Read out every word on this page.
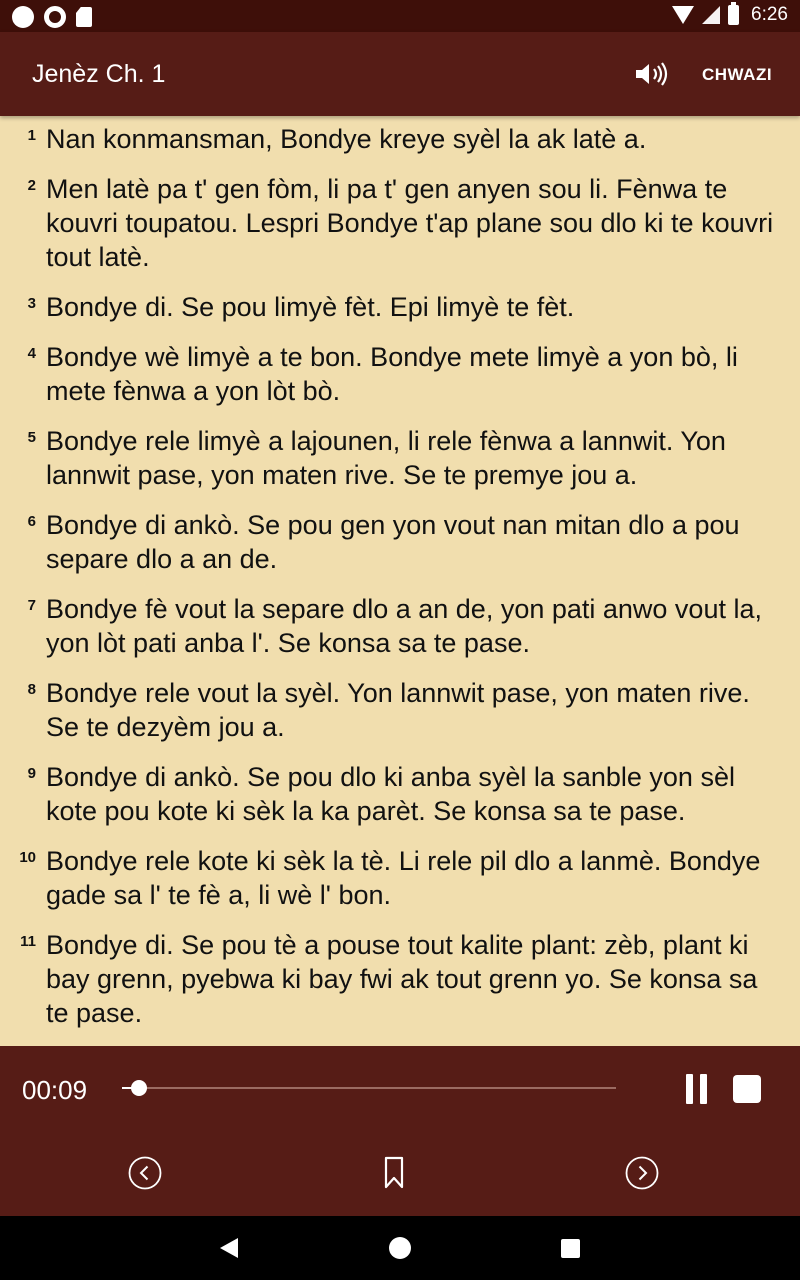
6:26
Jenèz Ch. 1	CHWAZI
1 Nan konmansman, Bondye kreye syèl la ak latè a.
2 Men latè pa t' gen fòm, li pa t' gen anyen sou li. Fènwa te kouvri toupatou. Lespri Bondye t'ap plane sou dlo ki te kouvri tout latè.
3 Bondye di. Se pou limyè fèt. Epi limyè te fèt.
4 Bondye wè limyè a te bon. Bondye mete limyè a yon bò, li mete fènwa a yon lòt bò.
5 Bondye rele limyè a lajounen, li rele fènwa a lannwit. Yon lannwit pase, yon maten rive. Se te premye jou a.
6 Bondye di ankò. Se pou gen yon vout nan mitan dlo a pou separe dlo a an de.
7 Bondye fè vout la separe dlo a an de, yon pati anwo vout la, yon lòt pati anba l'. Se konsa sa te pase.
8 Bondye rele vout la syèl. Yon lannwit pase, yon maten rive. Se te dezyèm jou a.
9 Bondye di ankò. Se pou dlo ki anba syèl la sanble yon sèl kote pou kote ki sèk la ka parèt. Se konsa sa te pase.
10 Bondye rele kote ki sèk la tè. Li rele pil dlo a lanmè. Bondye gade sa l' te fè a, li wè l' bon.
11 Bondye di. Se pou tè a pouse tout kalite plant: zèb, plant ki bay grenn, pyebwa ki bay fwi ak tout grenn yo. Se konsa sa te pase.
00:09
